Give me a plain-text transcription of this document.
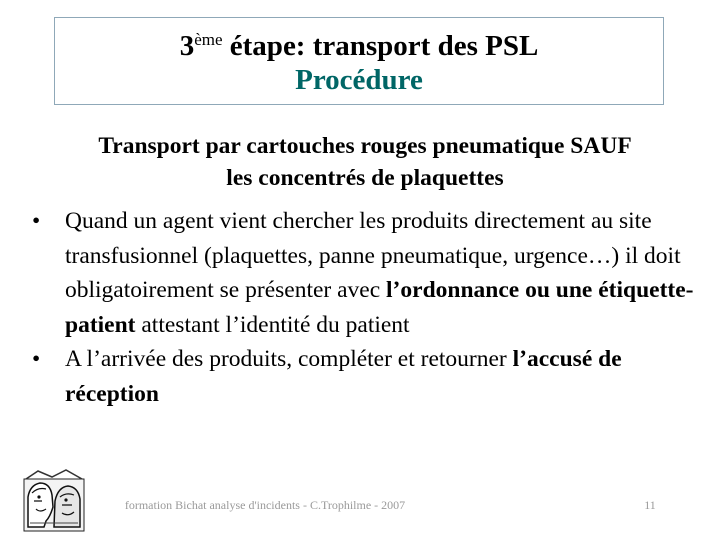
3ème étape: transport des PSL
Procédure
Transport par cartouches rouges pneumatique SAUF
les concentrés de plaquettes
•	Quand un agent vient chercher les produits directement au site transfusionnel (plaquettes, panne pneumatique, urgence…) il doit obligatoirement se présenter avec l’ordonnance ou une étiquette-patient attestant l’identité du patient
•	A l’arrivée des produits, compléter et retourner l’accusé de réception
formation Bichat analyse d'incidents - C.Trophilme - 2007	11
